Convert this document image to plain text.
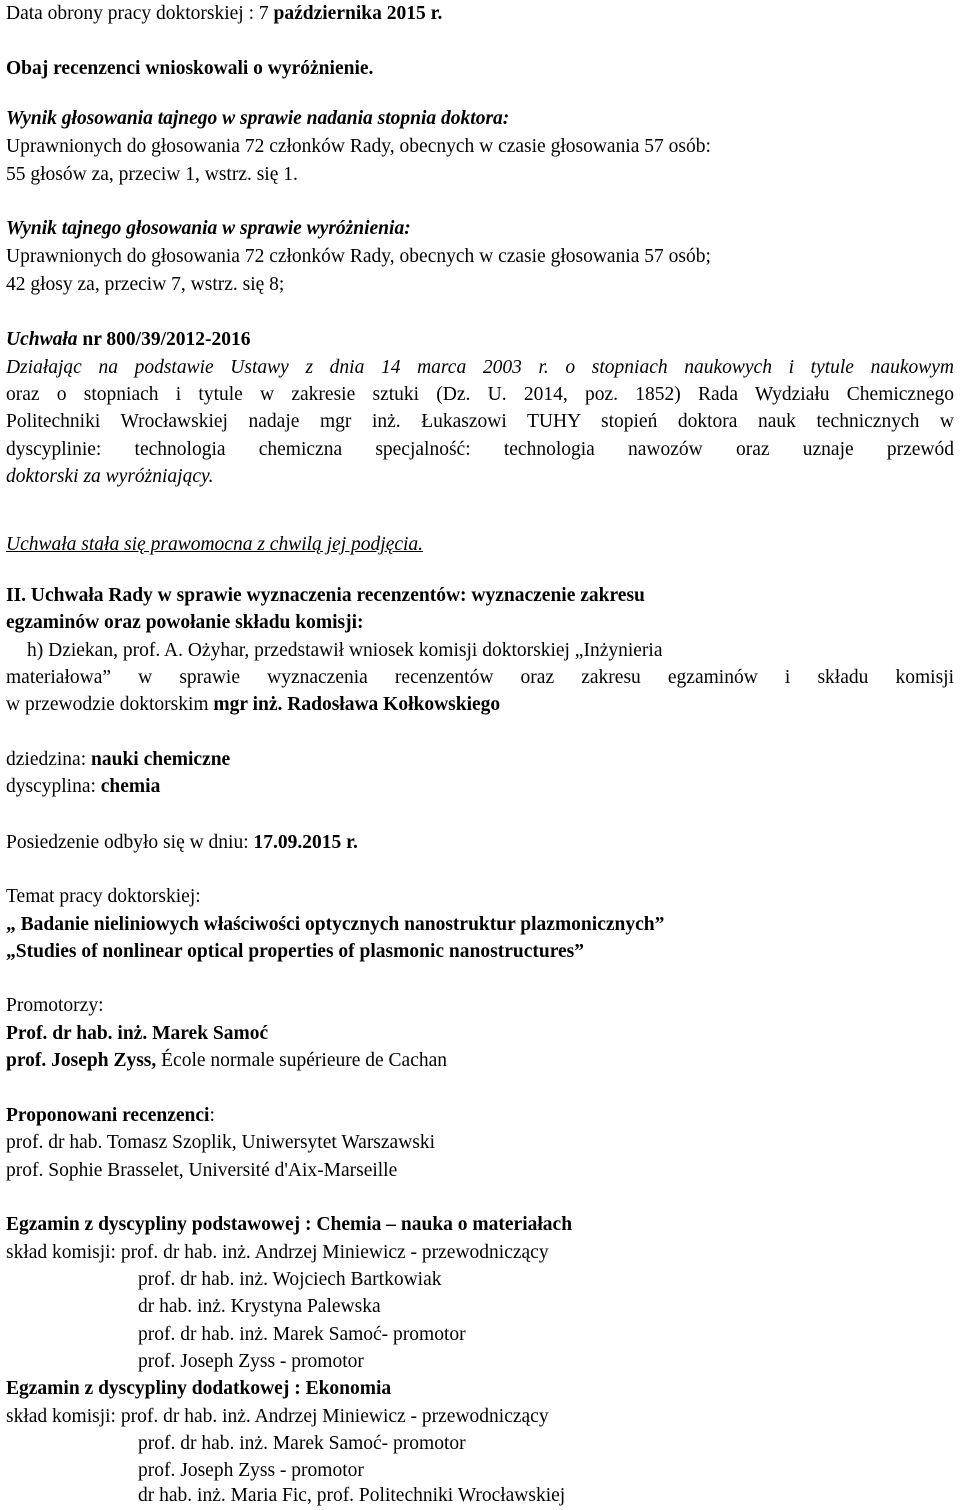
Data obrony pracy doktorskiej : 7 października 2015 r.
Obaj recenzenci wnioskowali o wyróżnienie.
Wynik głosowania tajnego w sprawie nadania stopnia doktora:
Uprawnionych do głosowania 72 członków Rady, obecnych w czasie głosowania 57 osób:
55 głosów za, przeciw 1, wstrz. się 1.
Wynik tajnego głosowania w sprawie wyróżnienia:
Uprawnionych do głosowania 72 członków Rady, obecnych w czasie głosowania 57 osób;
42 głosy za, przeciw 7, wstrz. się 8;
Uchwała nr 800/39/2012-2016
Działając na podstawie Ustawy z dnia 14 marca 2003 r. o stopniach naukowych i tytule naukowym
oraz o stopniach i tytule w zakresie sztuki (Dz. U. 2014, poz. 1852) Rada Wydziału Chemicznego
Politechniki Wrocławskiej nadaje mgr inż. Łukaszowi TUHY stopień doktora nauk technicznych w
dyscyplinie: technologia chemiczna specjalność: technologia nawozów oraz uznaje przewód
doktorski za wyróżniający.
Uchwała stała się prawomocna z chwilą jej podjęcia.
II. Uchwała Rady w sprawie wyznaczenia recenzentów: wyznaczenie zakresu
egzaminów oraz powołanie składu komisji:
h) Dziekan, prof. A. Ożyhar, przedstawił wniosek komisji doktorskiej „Inżynieria
materiałowa” w sprawie wyznaczenia recenzentów oraz zakresu egzaminów i składu komisji
w przewodzie doktorskim mgr inż. Radosława Kołkowskiego
dziedzina: nauki chemiczne
dyscyplina: chemia
Posiedzenie odbyło się w dniu: 17.09.2015 r.
Temat pracy doktorskiej:
„ Badanie nieliniowych właściwości optycznych nanostruktur plazmonicznych”
„Studies of nonlinear optical properties of plasmonic nanostructures”
Promotorzy:
Prof. dr hab. inż. Marek Samoć
prof. Joseph Zyss, École normale supérieure de Cachan
Proponowani recenzenci:
prof. dr hab. Tomasz Szoplik, Uniwersytet Warszawski
prof. Sophie Brasselet, Université d'Aix-Marseille
Egzamin z dyscypliny podstawowej : Chemia – nauka o materiałach
skład komisji: prof. dr hab. inż. Andrzej Miniewicz - przewodniczący
prof. dr hab. inż. Wojciech Bartkowiak
dr hab. inż. Krystyna Palewska
prof. dr hab. inż. Marek Samoć- promotor
prof. Joseph Zyss - promotor
Egzamin z dyscypliny dodatkowej : Ekonomia
skład komisji: prof. dr hab. inż. Andrzej Miniewicz - przewodniczący
prof. dr hab. inż. Marek Samoć- promotor
prof. Joseph Zyss - promotor
dr hab. inż. Maria Fic, prof. Politechniki Wrocławskiej
